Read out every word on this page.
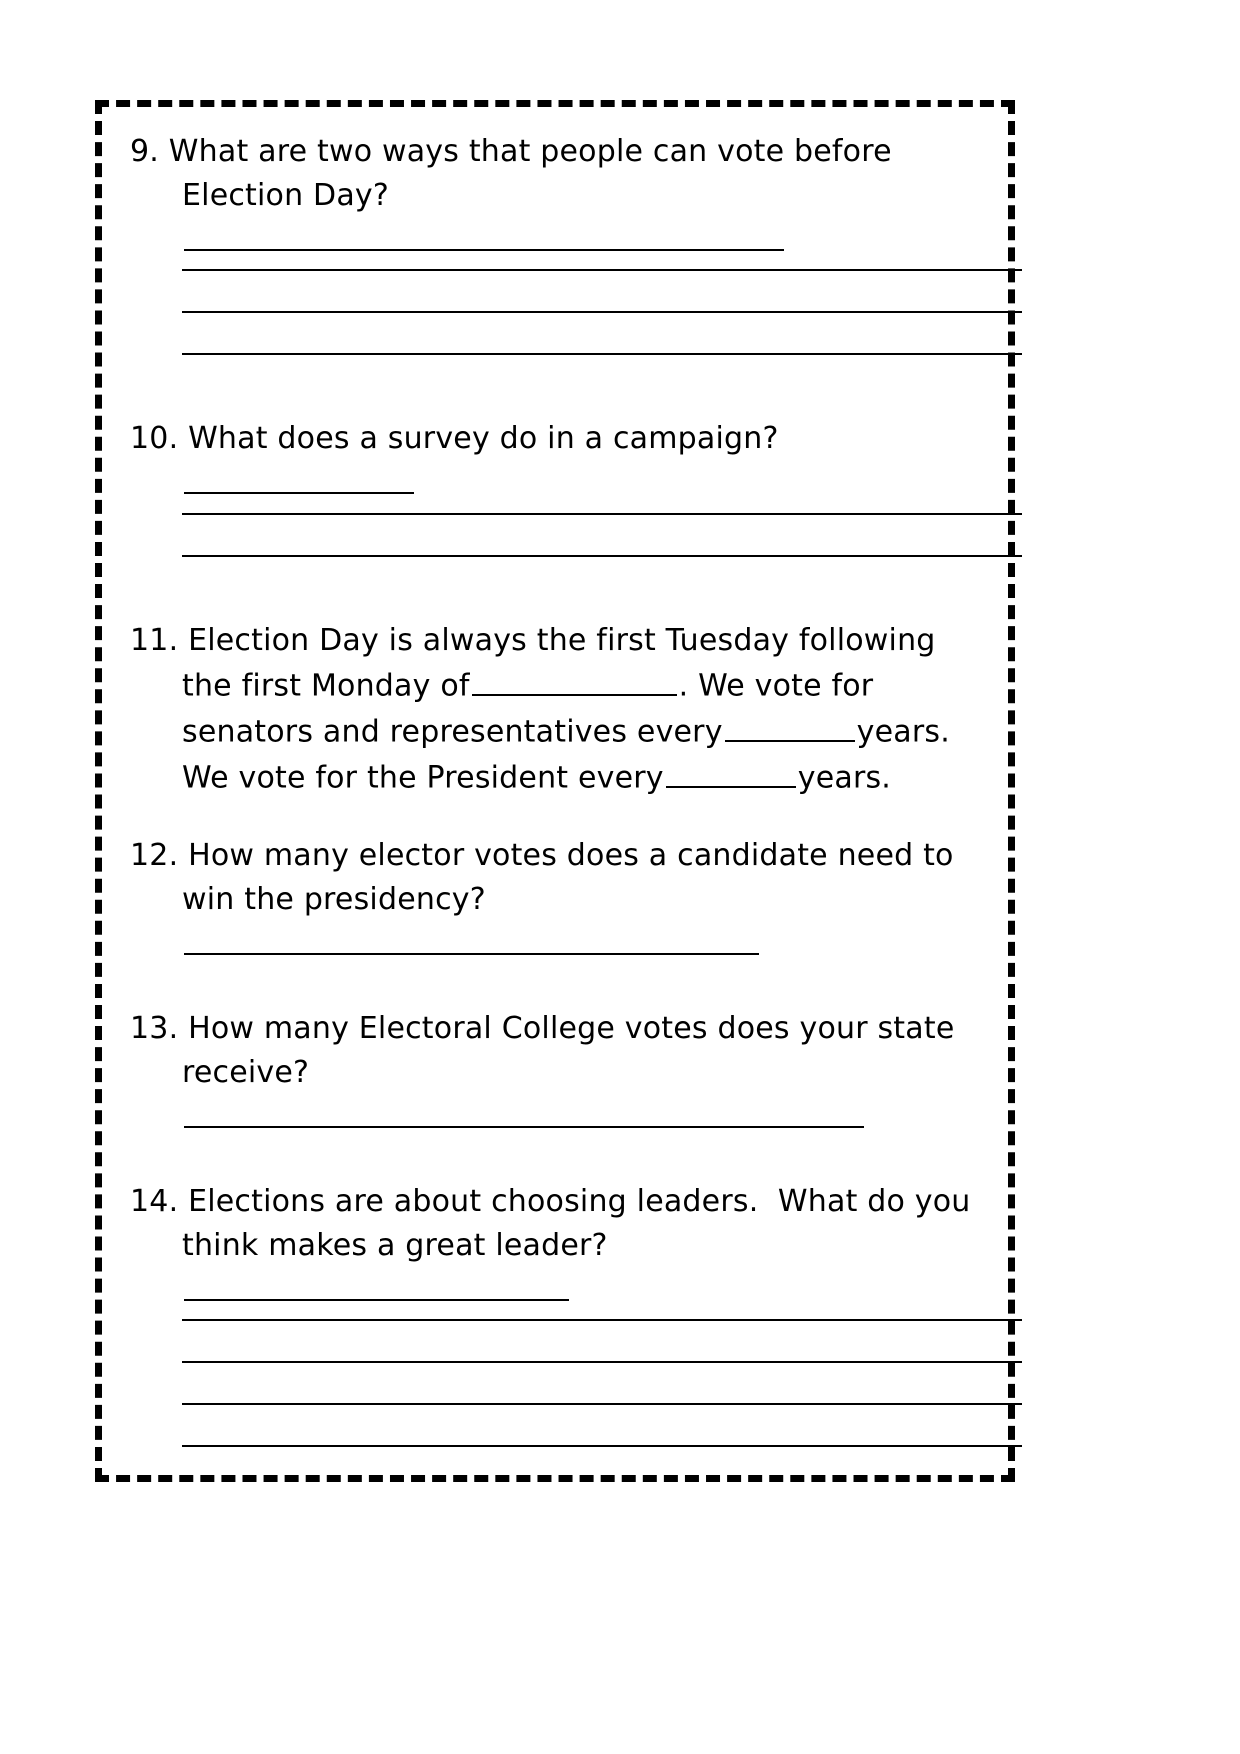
9. What are two ways that people can vote before Election Day?
10. What does a survey do in a campaign?
11. Election Day is always the first Tuesday following the first Monday of	. We vote for senators and representatives every	years. We vote for the President every	years.
12. How many elector votes does a candidate need to win the presidency?
13. How many Electoral College votes does your state receive?
14. Elections are about choosing leaders.  What do you think makes a great leader?
